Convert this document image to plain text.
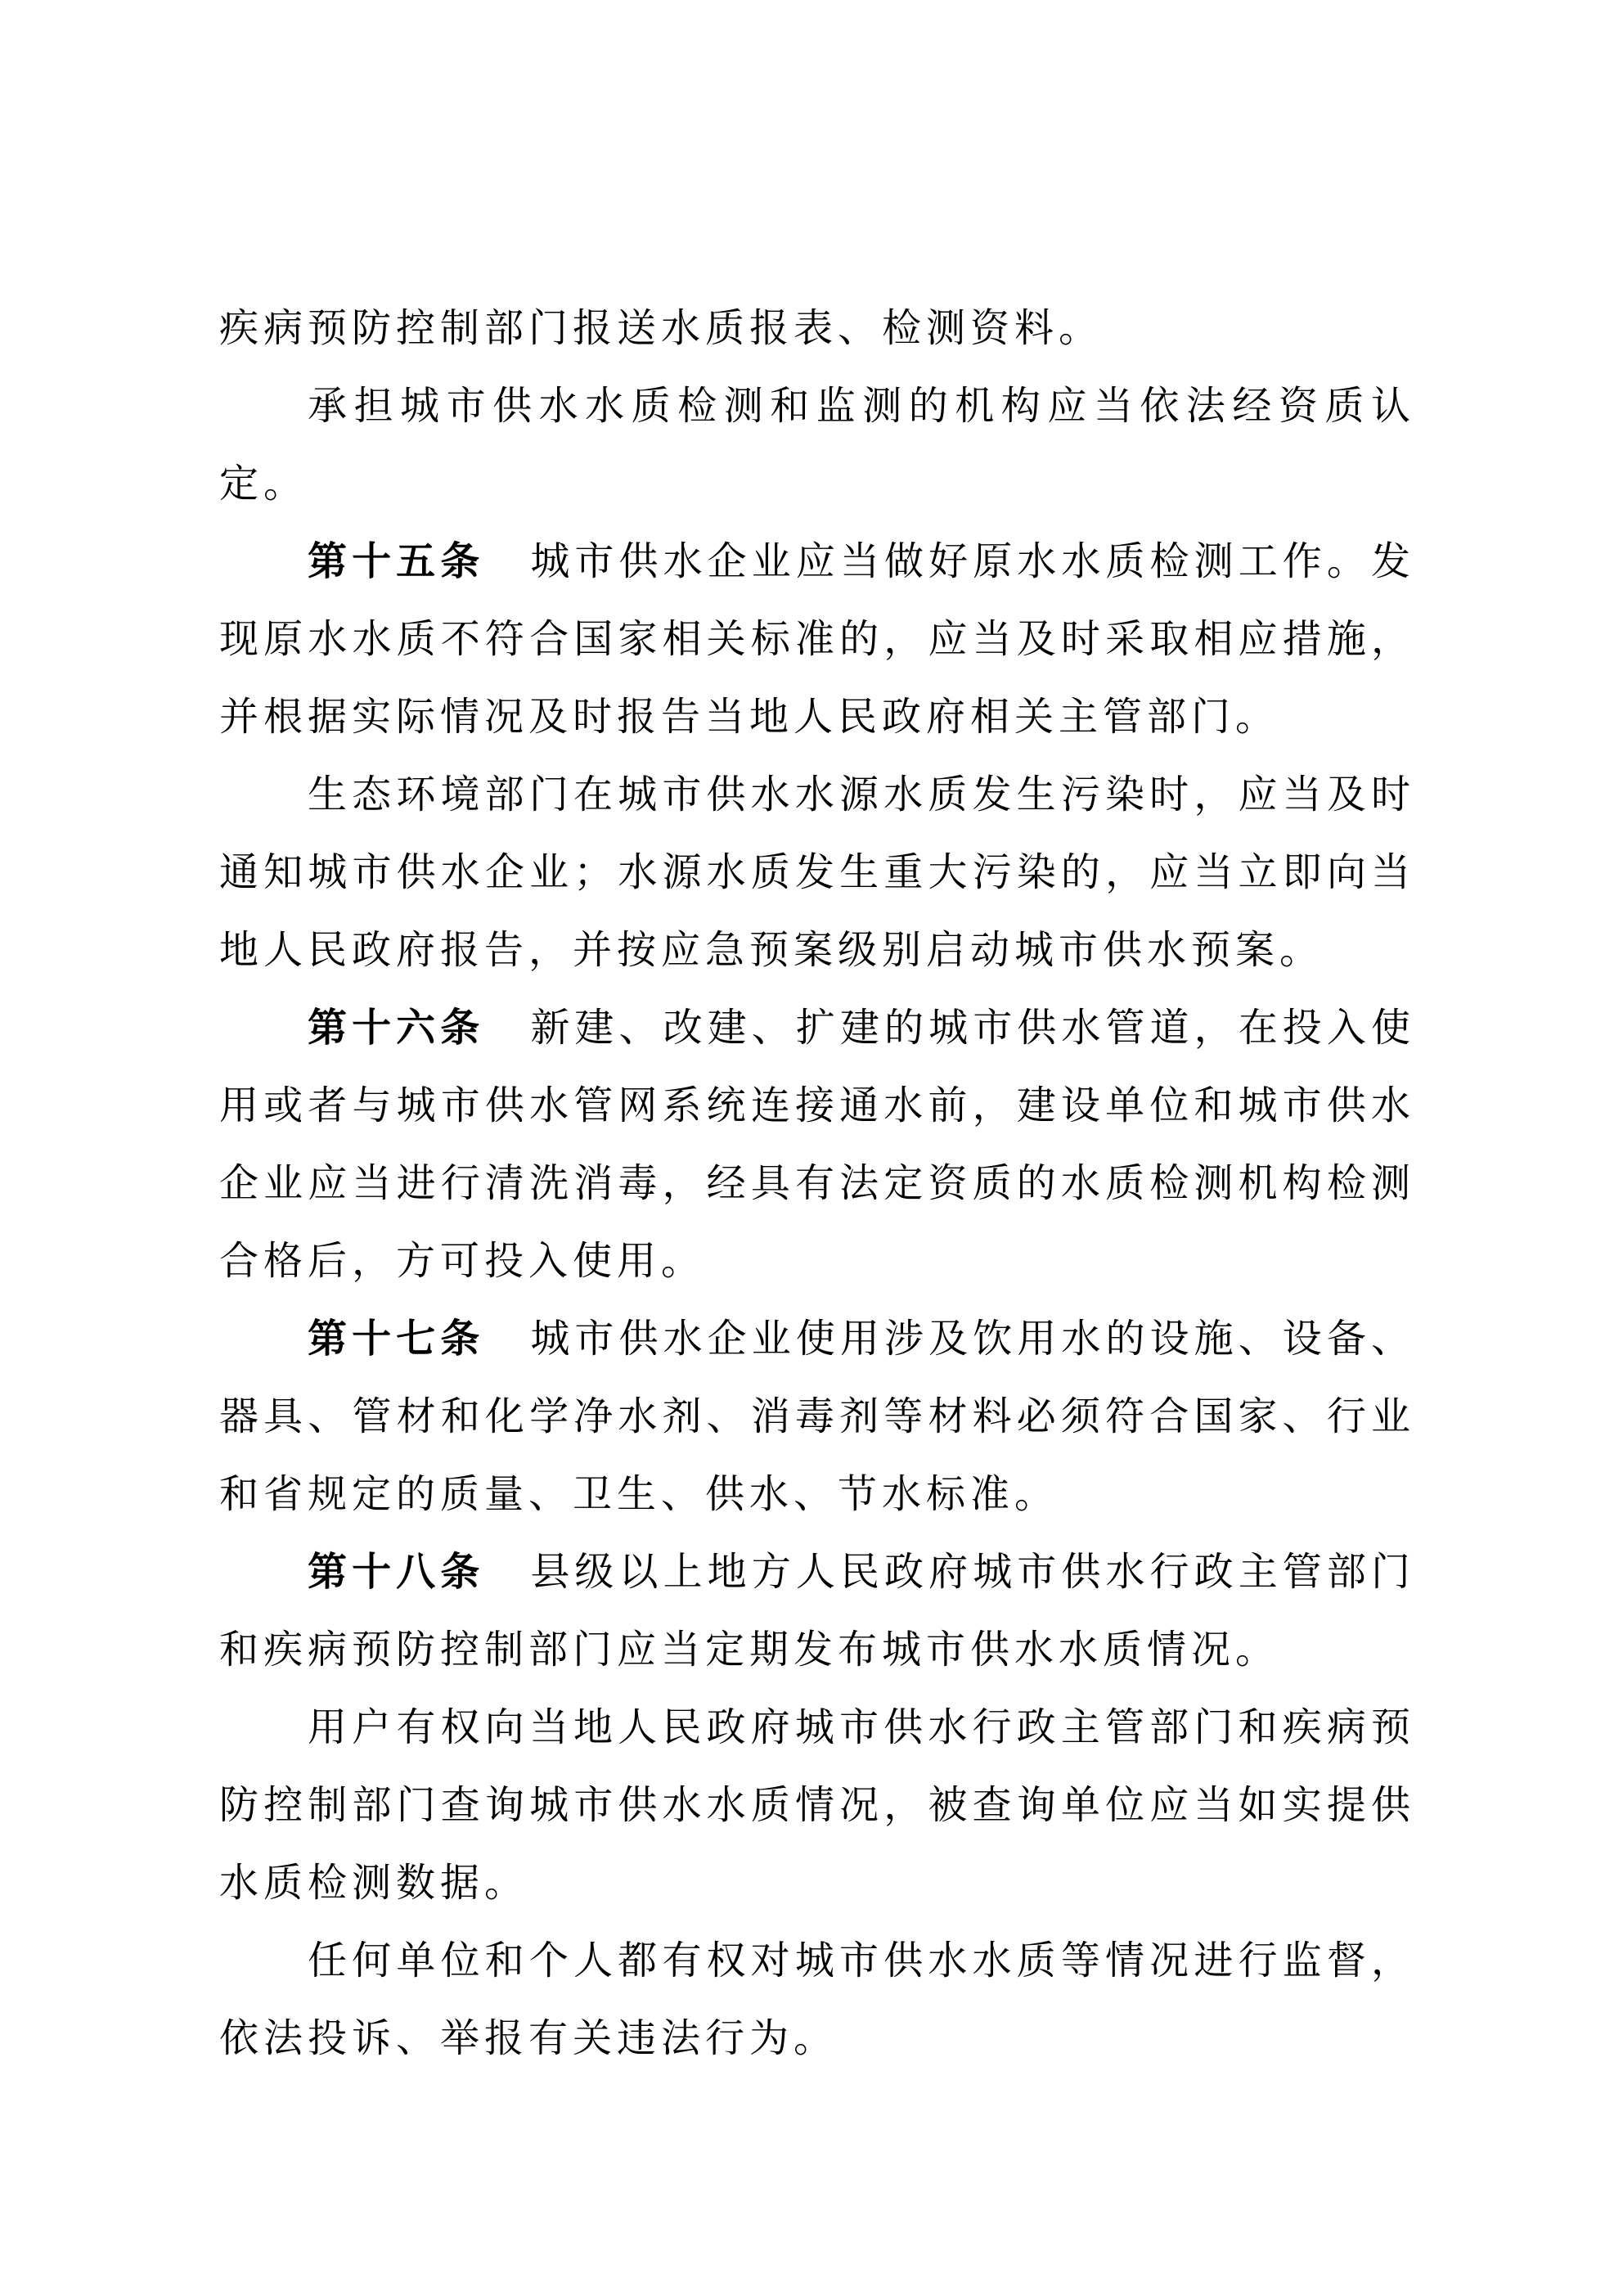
疾病预防控制部门报送水质报表、检测资料。

承担城市供水水质检测和监测的机构应当依法经资质认定。

第十五条 城市供水企业应当做好原水水质检测工作。发现原水水质不符合国家相关标准的，应当及时采取相应措施，并根据实际情况及时报告当地人民政府相关主管部门。

生态环境部门在城市供水水源水质发生污染时，应当及时通知城市供水企业；水源水质发生重大污染的，应当立即向当地人民政府报告，并按应急预案级别启动城市供水预案。

第十六条 新建、改建、扩建的城市供水管道，在投入使用或者与城市供水管网系统连接通水前，建设单位和城市供水企业应当进行清洗消毒，经具有法定资质的水质检测机构检测合格后，方可投入使用。

第十七条 城市供水企业使用涉及饮用水的设施、设备、器具、管材和化学净水剂、消毒剂等材料必须符合国家、行业和省规定的质量、卫生、供水、节水标准。

第十八条 县级以上地方人民政府城市供水行政主管部门和疾病预防控制部门应当定期发布城市供水水质情况。

用户有权向当地人民政府城市供水行政主管部门和疾病预防控制部门查询城市供水水质情况，被查询单位应当如实提供水质检测数据。

任何单位和个人都有权对城市供水水质等情况进行监督，依法投诉、举报有关违法行为。
